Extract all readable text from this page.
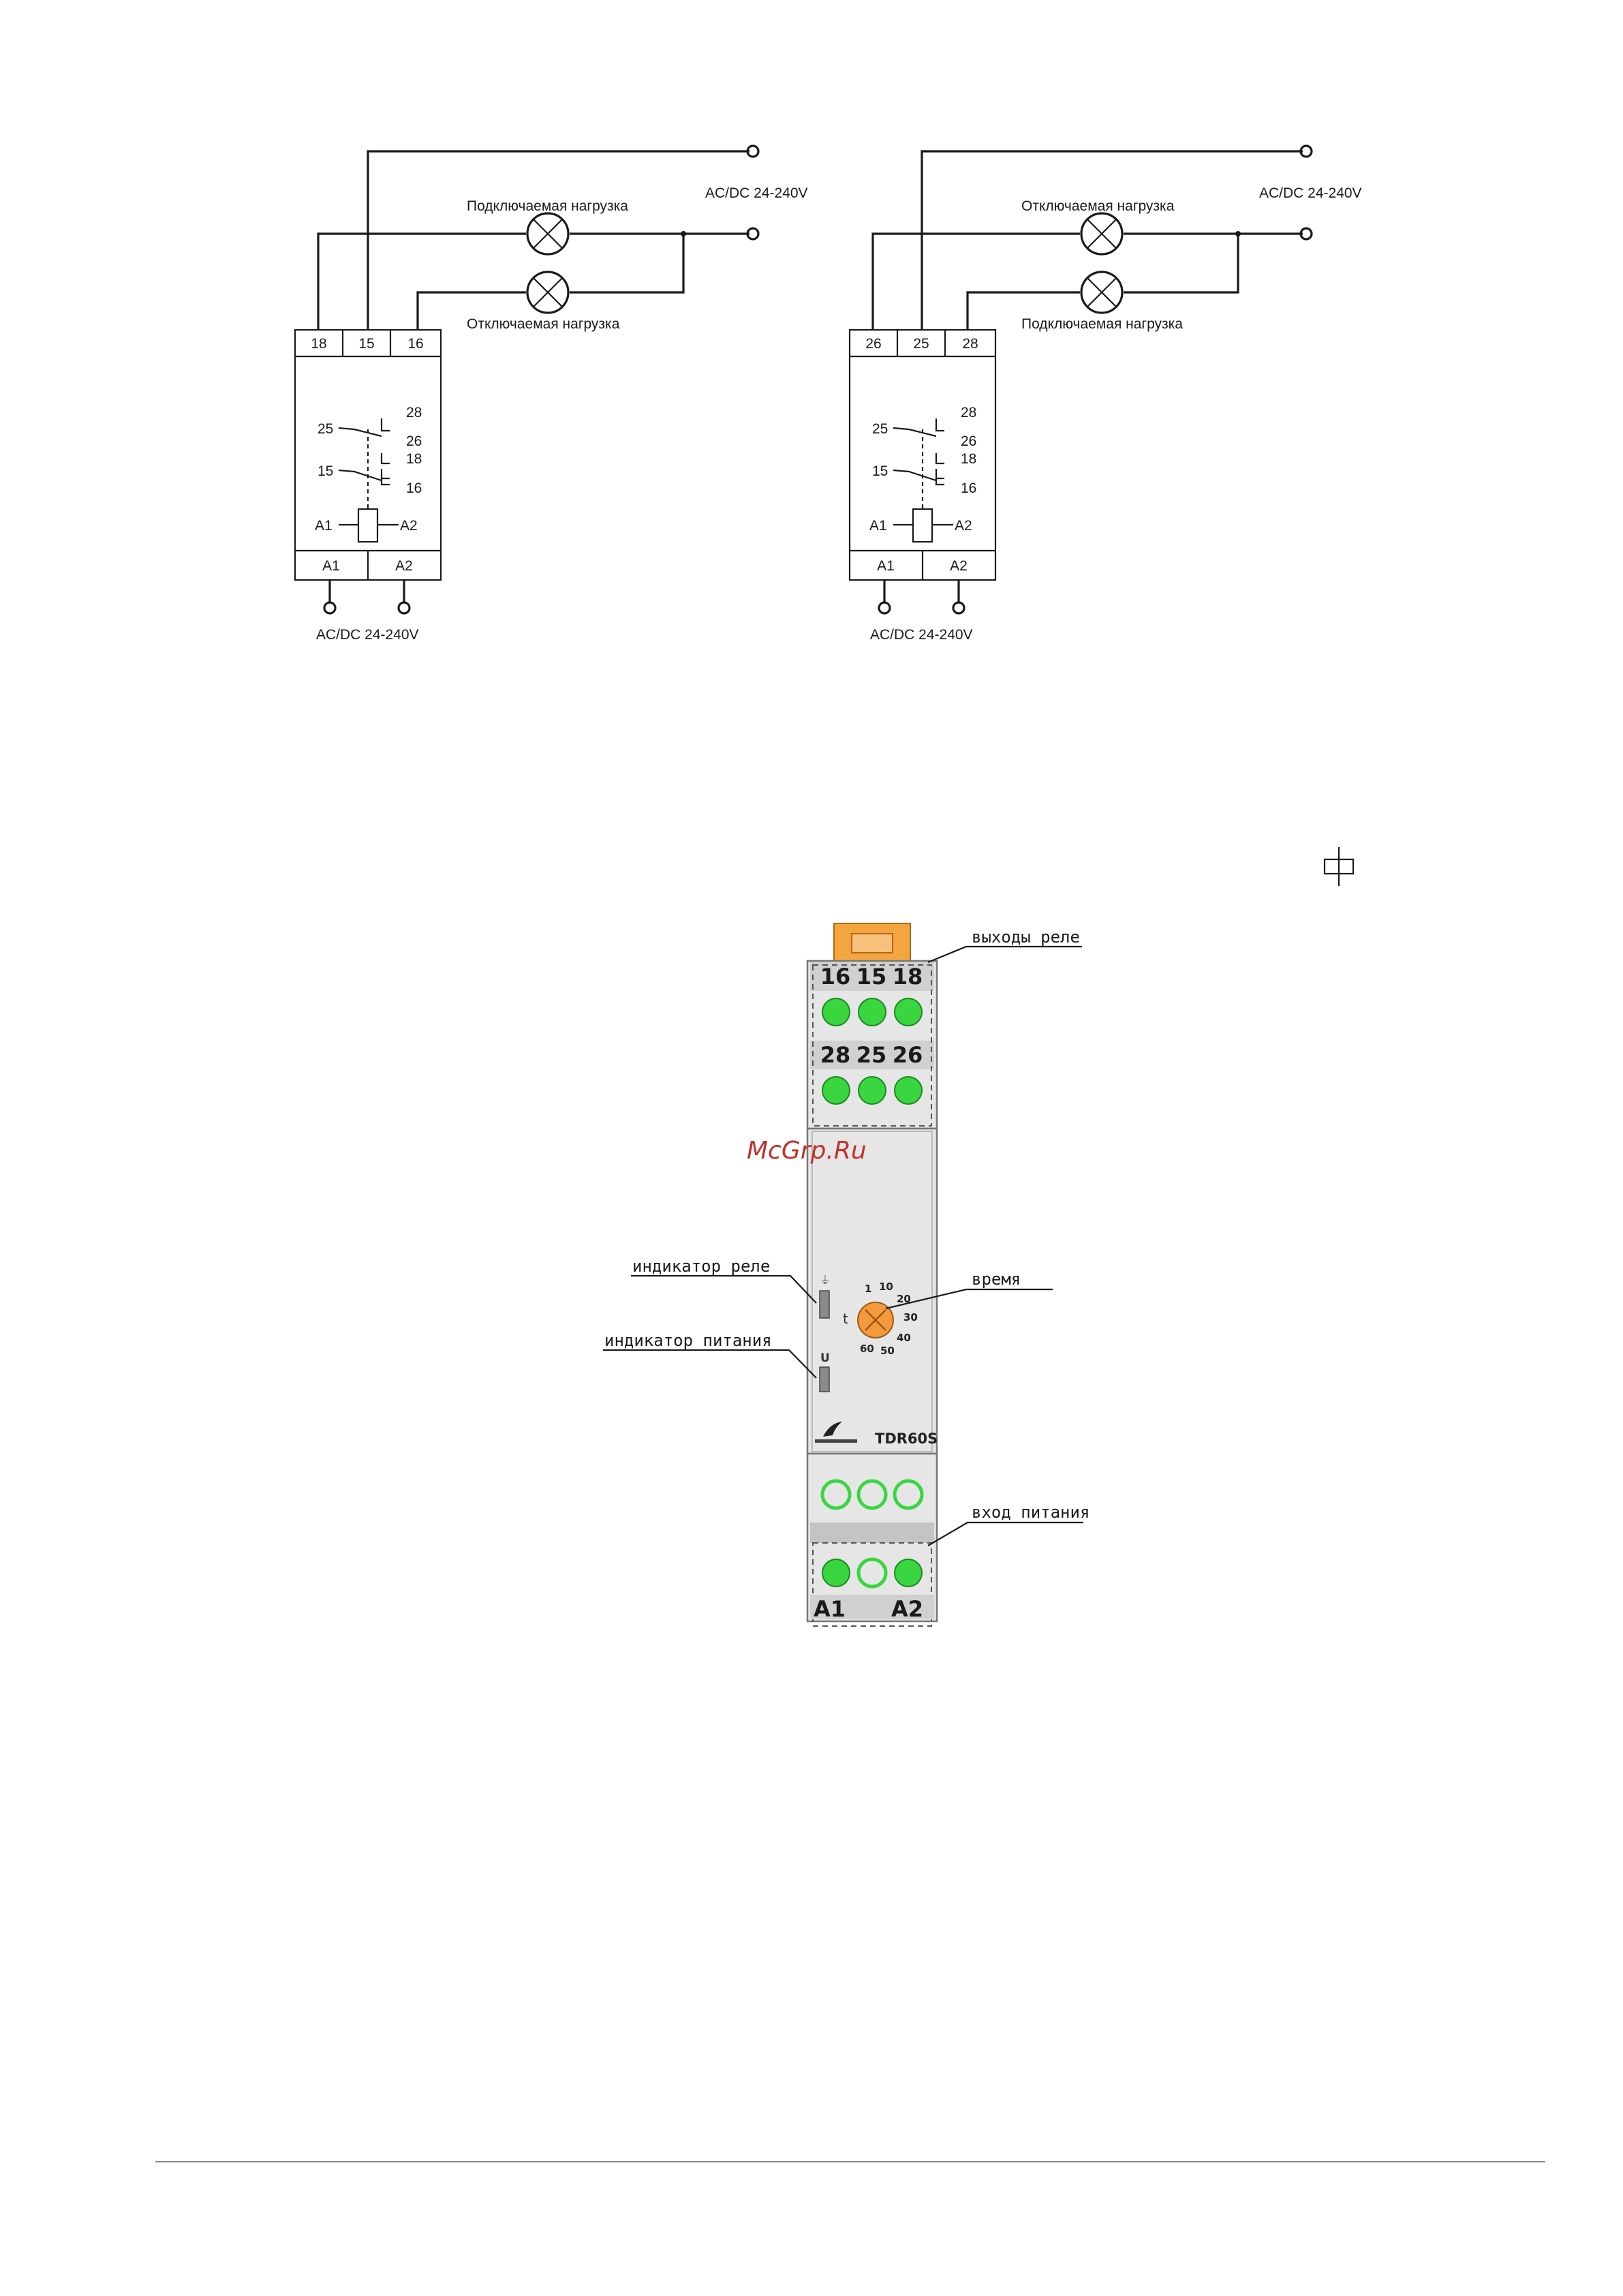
AC/DC 24-240V
Подключаемая нагрузка
Отключаемая нагрузка
18 15 16
28
25
26
18
15
16
A1	A2
A1	A2
AC/DC 24-240V
AC/DC 24-240V
Отключаемая нагрузка
Подключаемая нагрузка
26 25 28
28
25
26
18
15
16
A1	A2
A1	A2
AC/DC 24-240V
16 15 18
28 25 26
выходы реле
McGrp.Ru
⏚
индикатор реле
U
индикатор питания
t
1 10
20
30
40
50
60
время
TDR60S
A1 A2
вход питания
